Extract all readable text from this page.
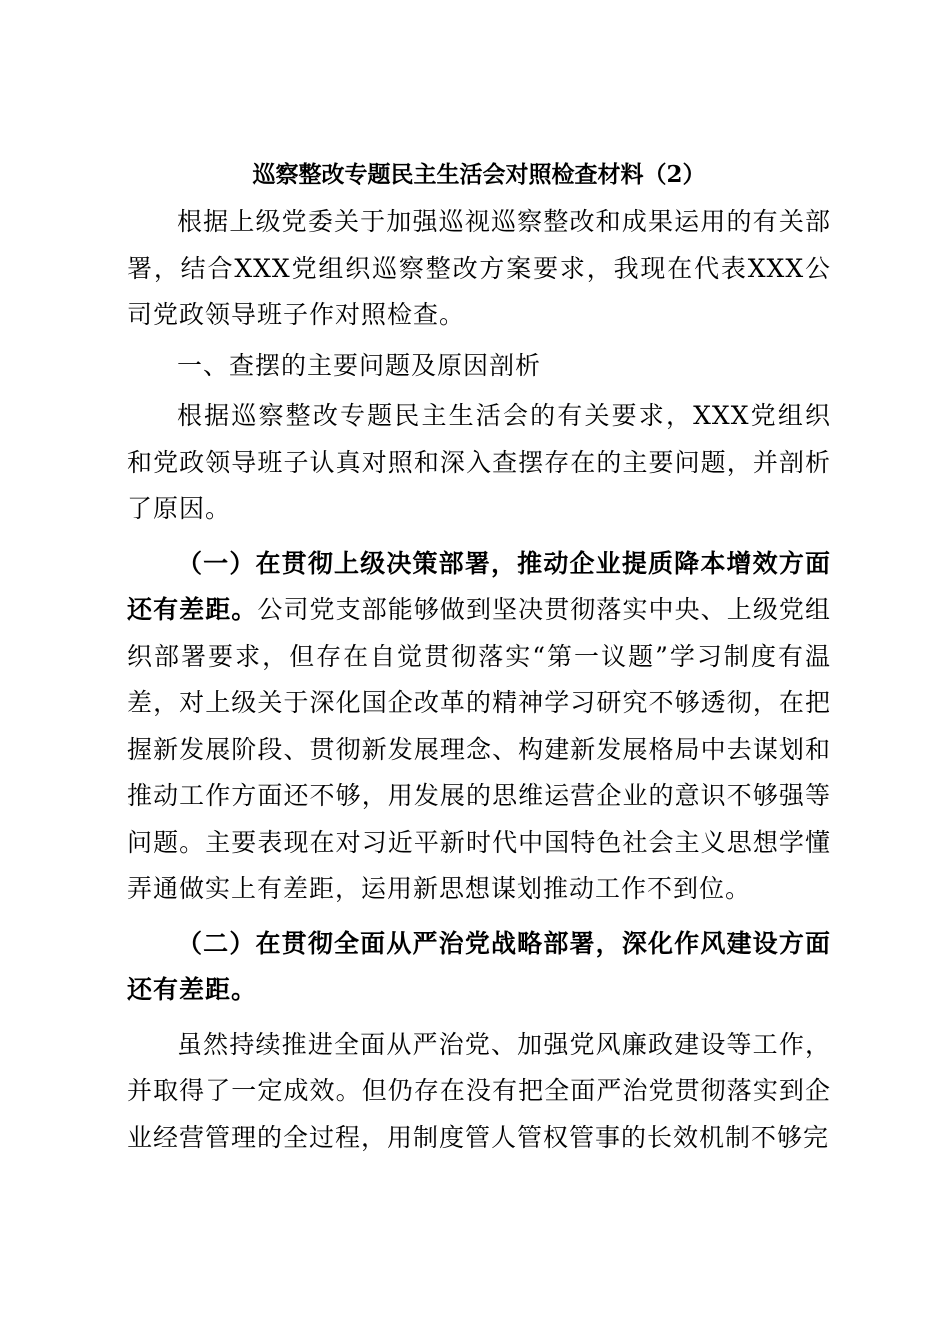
巡察整改专题民主生活会对照检查材料（2）

根据上级党委关于加强巡视巡察整改和成果运用的有关部署，结合XXX党组织巡察整改方案要求，我现在代表XXX公司党政领导班子作对照检查。

一、查摆的主要问题及原因剖析

根据巡察整改专题民主生活会的有关要求，XXX党组织和党政领导班子认真对照和深入查摆存在的主要问题，并剖析了原因。

（一）在贯彻上级决策部署，推动企业提质降本增效方面还有差距。公司党支部能够做到坚决贯彻落实中央、上级党组织部署要求，但存在自觉贯彻落实“第一议题”学习制度有温差，对上级关于深化国企改革的精神学习研究不够透彻，在把握新发展阶段、贯彻新发展理念、构建新发展格局中去谋划和推动工作方面还不够，用发展的思维运营企业的意识不够强等问题。主要表现在对习近平新时代中国特色社会主义思想学懂弄通做实上有差距，运用新思想谋划推动工作不到位。

（二）在贯彻全面从严治党战略部署，深化作风建设方面还有差距。

虽然持续推进全面从严治党、加强党风廉政建设等工作，并取得了一定成效。但仍存在没有把全面严治党贯彻落实到企业经营管理的全过程，用制度管人管权管事的长效机制不够完
